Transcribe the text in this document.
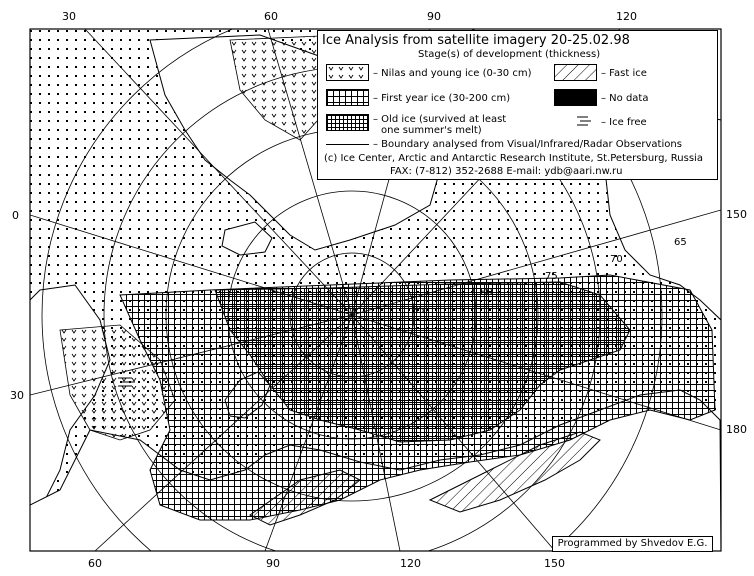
30	60	90	120
60	90	120	150
0
30
150
180
85
80
75
70
65
Ice Analysis from satellite imagery 20-25.02.98
Stage(s) of development (thickness)
– Nilas and young ice (0-30 cm)	– Fast ice
– First year ice (30-200 cm)	– No data
– Old ice (survived at least
one summer's melt)
– Ice free
– Boundary analysed from Visual/Infrared/Radar Observations
(c) Ice Center, Arctic and Antarctic Research Institute, St.Petersburg, Russia
FAX: (7-812) 352-2688 E-mail: ydb@aari.nw.ru
Programmed by Shvedov E.G.
